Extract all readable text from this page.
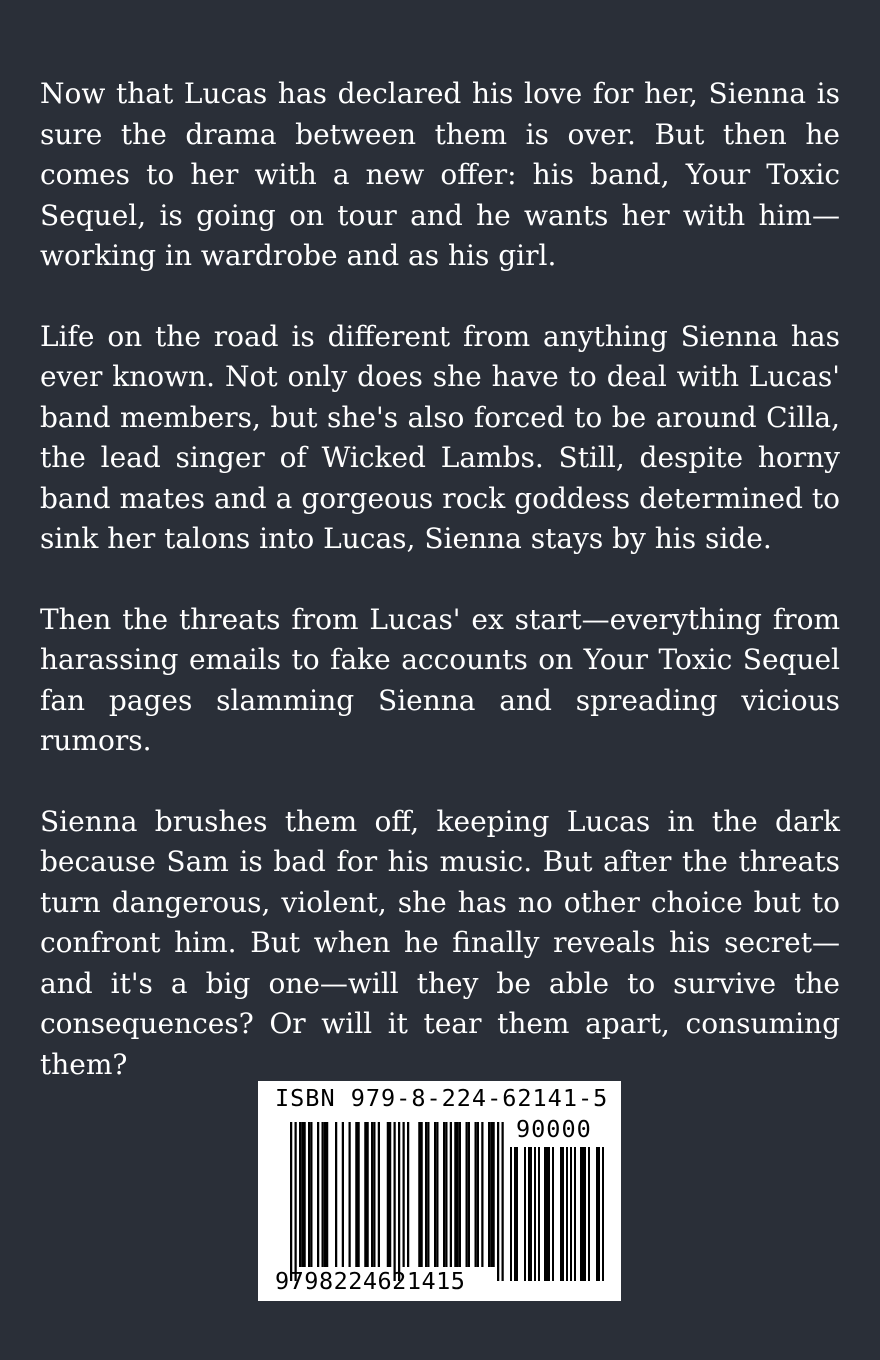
Now that Lucas has declared his love for her, Sienna is sure the drama between them is over. But then he comes to her with a new offer: his band, Your Toxic Sequel, is going on tour and he wants her with him—working in wardrobe and as his girl.

Life on the road is different from anything Sienna has ever known. Not only does she have to deal with Lucas' band members, but she's also forced to be around Cilla, the lead singer of Wicked Lambs. Still, despite horny band mates and a gorgeous rock goddess determined to sink her talons into Lucas, Sienna stays by his side.

Then the threats from Lucas' ex start—everything from harassing emails to fake accounts on Your Toxic Sequel fan pages slamming Sienna and spreading vicious rumors.

Sienna brushes them off, keeping Lucas in the dark because Sam is bad for his music. But after the threats turn dangerous, violent, she has no other choice but to confront him. But when he finally reveals his secret—and it's a big one—will they be able to survive the consequences? Or will it tear them apart, consuming them?

ISBN 979-8-224-62141-5
90000
9798224621415
